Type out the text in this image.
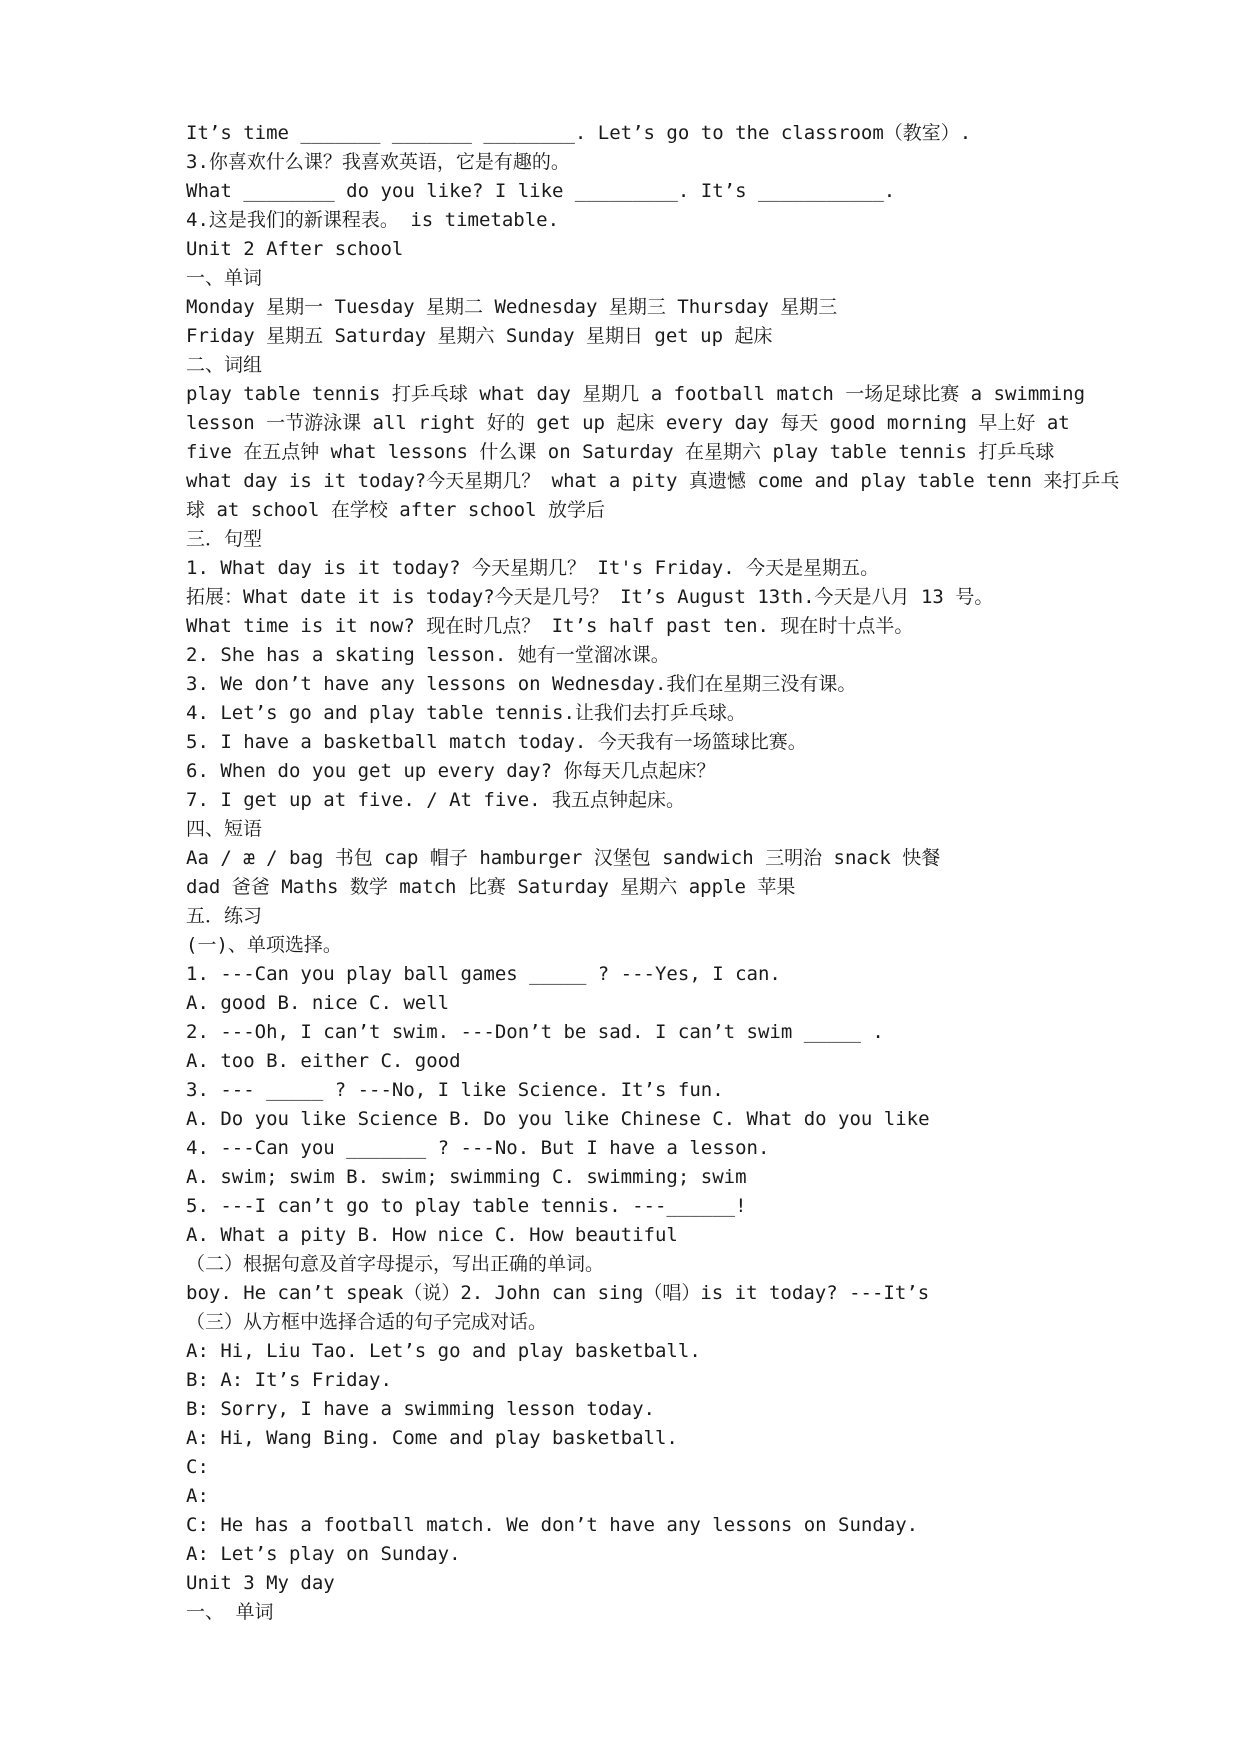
It’s time _______ _______ ________. Let’s go to the classroom（教室）.
3.你喜欢什么课？我喜欢英语，它是有趣的。
What ________ do you like? I like _________. It’s ___________.
4.这是我们的新课程表。 is timetable.
Unit 2 After school
一、单词
Monday 星期一 Tuesday 星期二 Wednesday 星期三 Thursday 星期三
Friday 星期五 Saturday 星期六 Sunday 星期日 get up 起床
二、词组
play table tennis 打乒乓球 what day 星期几 a football match 一场足球比赛 a swimming
lesson 一节游泳课 all right 好的 get up 起床 every day 每天 good morning 早上好 at
five 在五点钟 what lessons 什么课 on Saturday 在星期六 play table tennis 打乒乓球
what day is it today?今天星期几？ what a pity 真遗憾 come and play table tenn 来打乒乓
球 at school 在学校 after school 放学后
三．句型
1. What day is it today? 今天星期几？ It's Friday. 今天是星期五。
拓展：What date it is today?今天是几号？ It’s August 13th.今天是八月 13 号。
What time is it now? 现在时几点？ It’s half past ten. 现在时十点半。
2. She has a skating lesson. 她有一堂溜冰课。
3. We don’t have any lessons on Wednesday.我们在星期三没有课。
4. Let’s go and play table tennis.让我们去打乒乓球。
5. I have a basketball match today. 今天我有一场篮球比赛。
6. When do you get up every day? 你每天几点起床？
7. I get up at five. / At five. 我五点钟起床。
四、短语
Aa / æ / bag 书包 cap 帽子 hamburger 汉堡包 sandwich 三明治 snack 快餐
dad 爸爸 Maths 数学 match 比赛 Saturday 星期六 apple 苹果
五．练习
(一)、单项选择。
1. ---Can you play ball games _____ ? ---Yes, I can.
A. good B. nice C. well
2. ---Oh, I can’t swim. ---Don’t be sad. I can’t swim _____ .
A. too B. either C. good
3. --- _____ ? ---No, I like Science. It’s fun.
A. Do you like Science B. Do you like Chinese C. What do you like
4. ---Can you _______ ? ---No. But I have a lesson.
A. swim; swim B. swim; swimming C. swimming; swim
5. ---I can’t go to play table tennis. ---______!
A. What a pity B. How nice C. How beautiful
（二）根据句意及首字母提示，写出正确的单词。
boy. He can’t speak（说）2. John can sing（唱）is it today? ---It’s
（三）从方框中选择合适的句子完成对话。
A: Hi, Liu Tao. Let’s go and play basketball.
B: A: It’s Friday.
B: Sorry, I have a swimming lesson today.
A: Hi, Wang Bing. Come and play basketball.
C:
A:
C: He has a football match. We don’t have any lessons on Sunday.
A: Let’s play on Sunday.
Unit 3 My day
一、 单词
